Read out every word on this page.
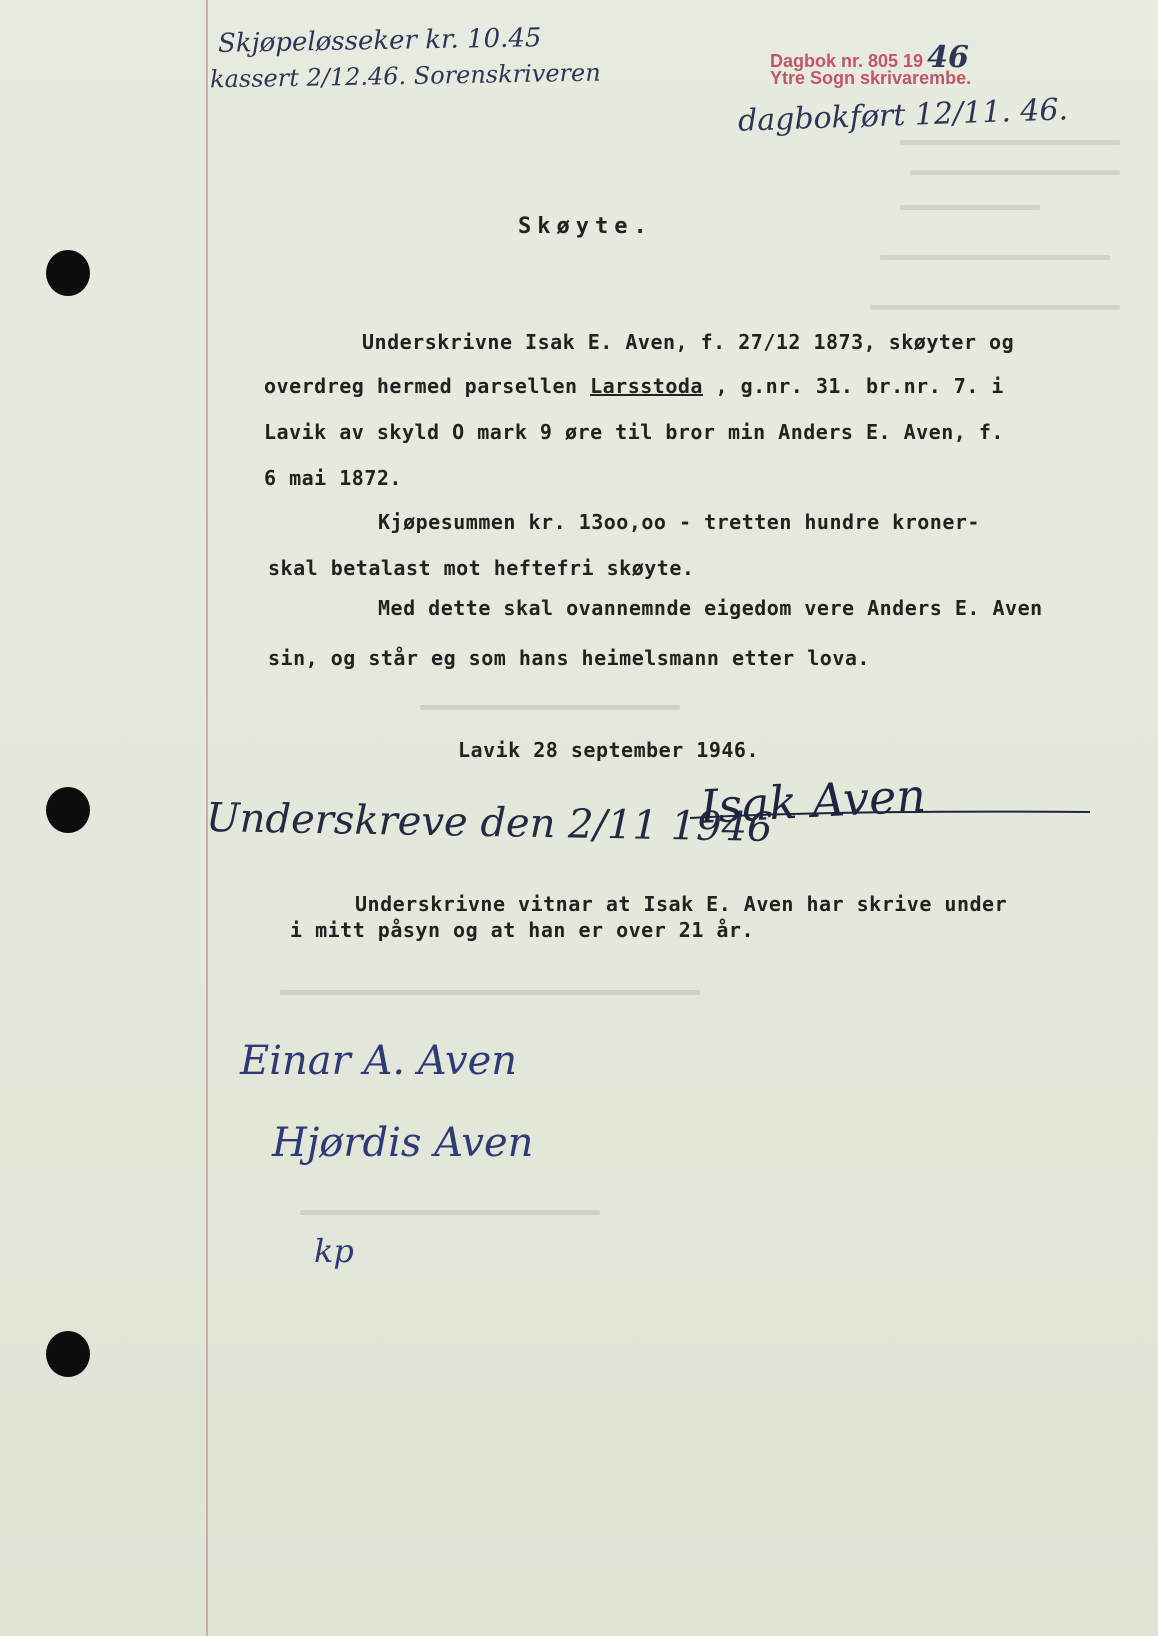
Skjøpeløsseker kr. 10.45
kassert 2/12.46. Sorenskriveren	Dagbok nr. 805 19 46
Ytre Sogn skrivarembe.
dagbokført 12/11. 46.
Skøyte.
Underskrivne Isak E. Aven, f. 27/12 1873, skøyter og
overdreg hermed parsellen Larsstoda , g.nr. 31. br.nr. 7. i
Lavik av skyld O mark 9 øre til bror min Anders E. Aven, f.
6 mai 1872.
Kjøpesummen kr. 13oo,oo - tretten hundre kroner-
skal betalast mot heftefri skøyte.
Med dette skal ovannemnde eigedom vere Anders E. Aven
sin, og står eg som hans heimelsmann etter lova.
Lavik 28 september 1946.
Underskreve den 2/11 1946
Isak Aven
Underskrivne vitnar at Isak E. Aven har skrive under
i mitt påsyn og at han er over 21 år.
Einar A. Aven
Hjørdis Aven
kp
